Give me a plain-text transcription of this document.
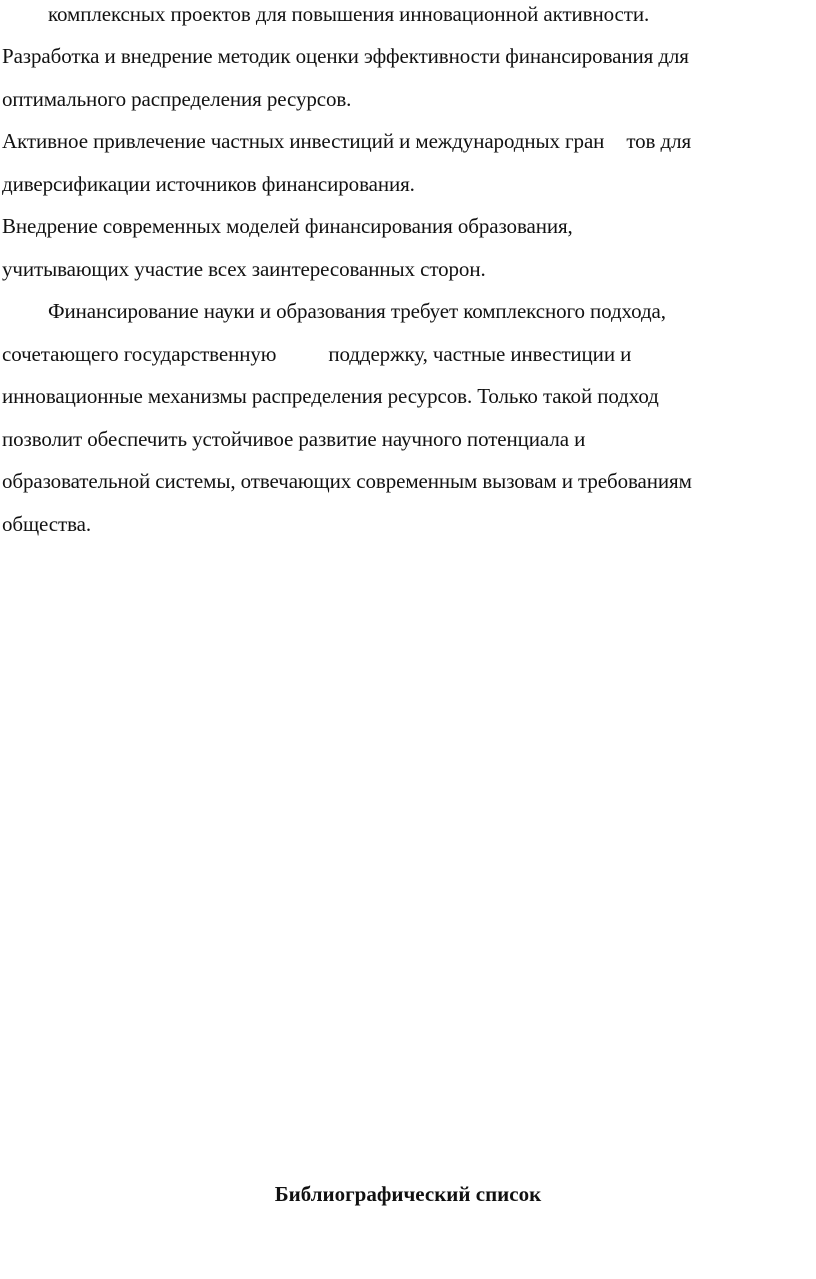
комплексных проектов для повышения инновационной активности.
Разработка и внедрение методик оценки эффективности финансирования для
оптимального распределения ресурсов.
Активное привлечение частных инвестиций и международных гран тов для
диверсификации источников финансирования.
Внедрение современных моделей финансирования образования,
учитывающих участие всех заинтересованных сторон.
Финансирование науки и образования требует комплексного подхода,
сочетающего государственную поддержку, частные инвестиции и
инновационные механизмы распределения ресурсов. Только такой подход
позволит обеспечить устойчивое развитие научного потенциала и
образовательной системы, отвечающих современным вызовам и требованиям
общества.
Библиографический список
